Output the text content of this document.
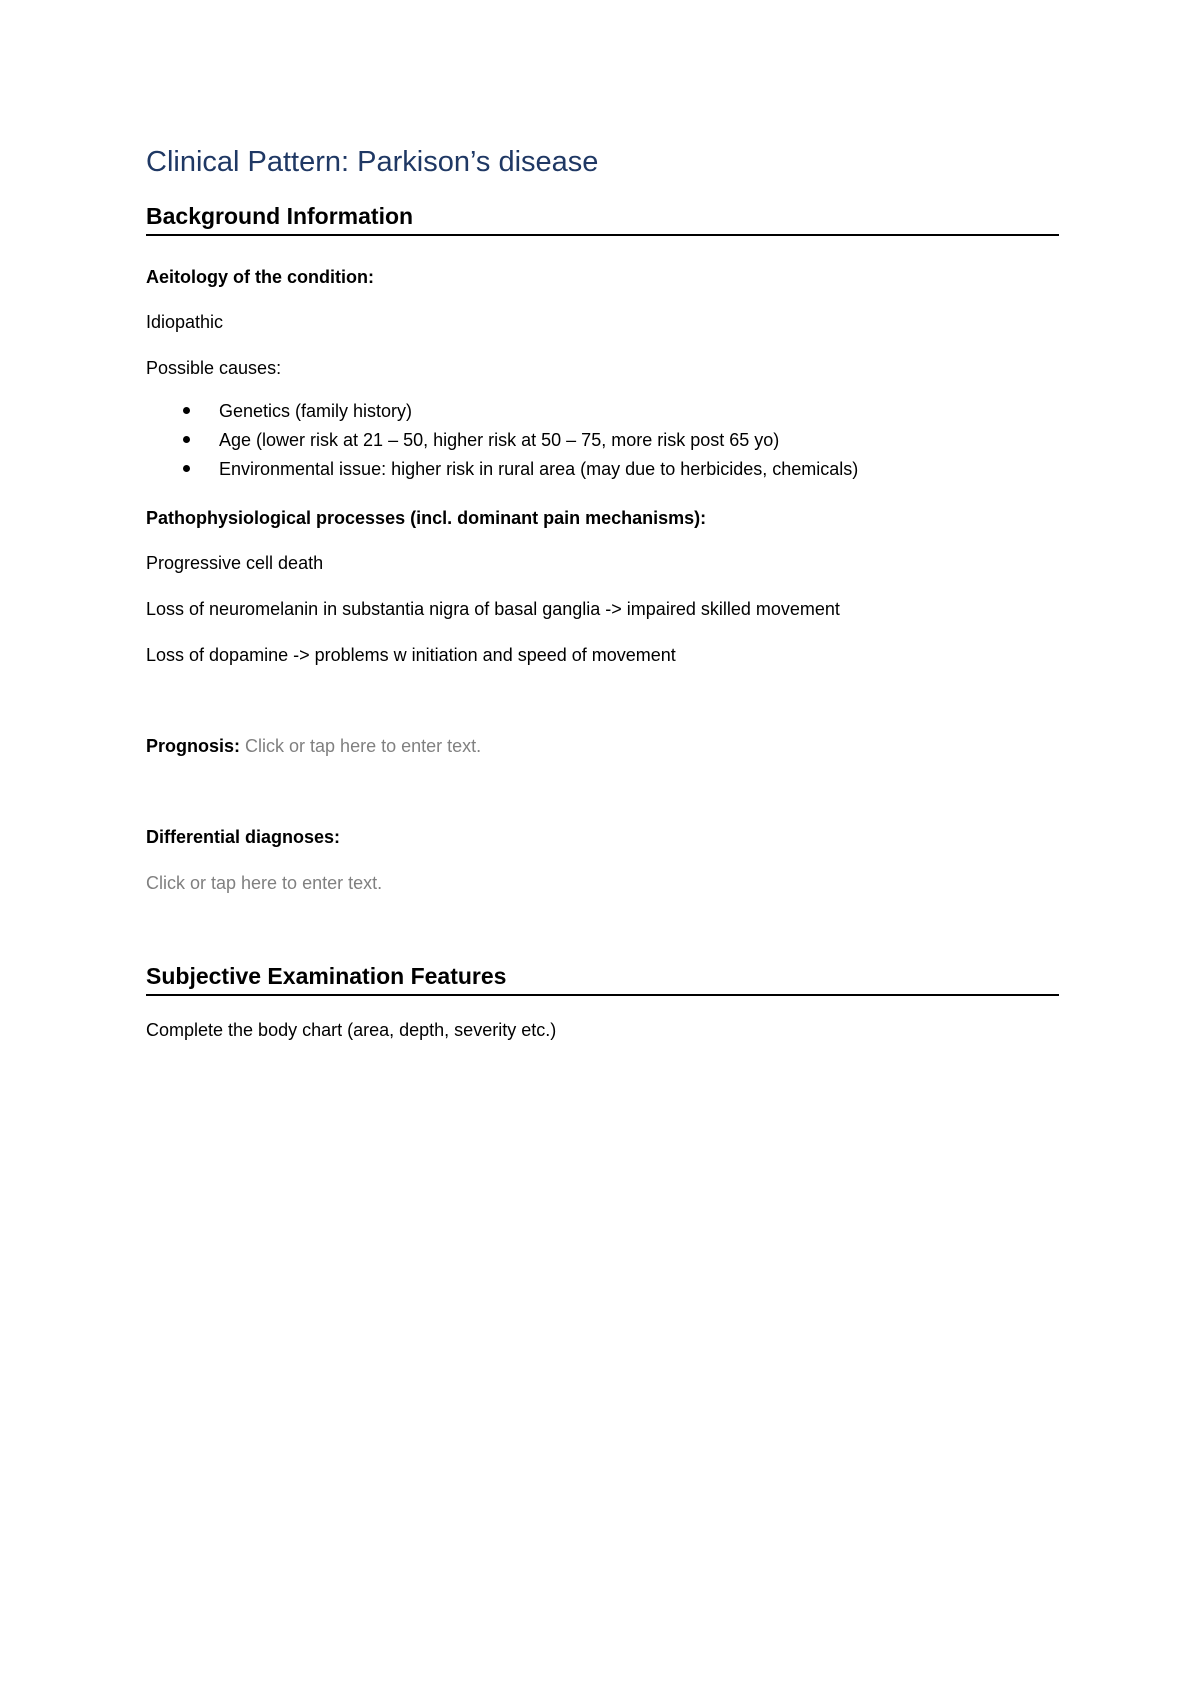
Clinical Pattern: Parkison’s disease
Background Information

Aeitology of the condition:

Idiopathic

Possible causes:

Genetics (family history)
Age (lower risk at 21 – 50, higher risk at 50 – 75, more risk post 65 yo)
Environmental issue: higher risk in rural area (may due to herbicides, chemicals)

Pathophysiological processes (incl. dominant pain mechanisms):

Progressive cell death

Loss of neuromelanin in substantia nigra of basal ganglia -> impaired skilled movement

Loss of dopamine -> problems w initiation and speed of movement

Prognosis: Click or tap here to enter text.

Differential diagnoses:

Click or tap here to enter text.

Subjective Examination Features

Complete the body chart (area, depth, severity etc.)
